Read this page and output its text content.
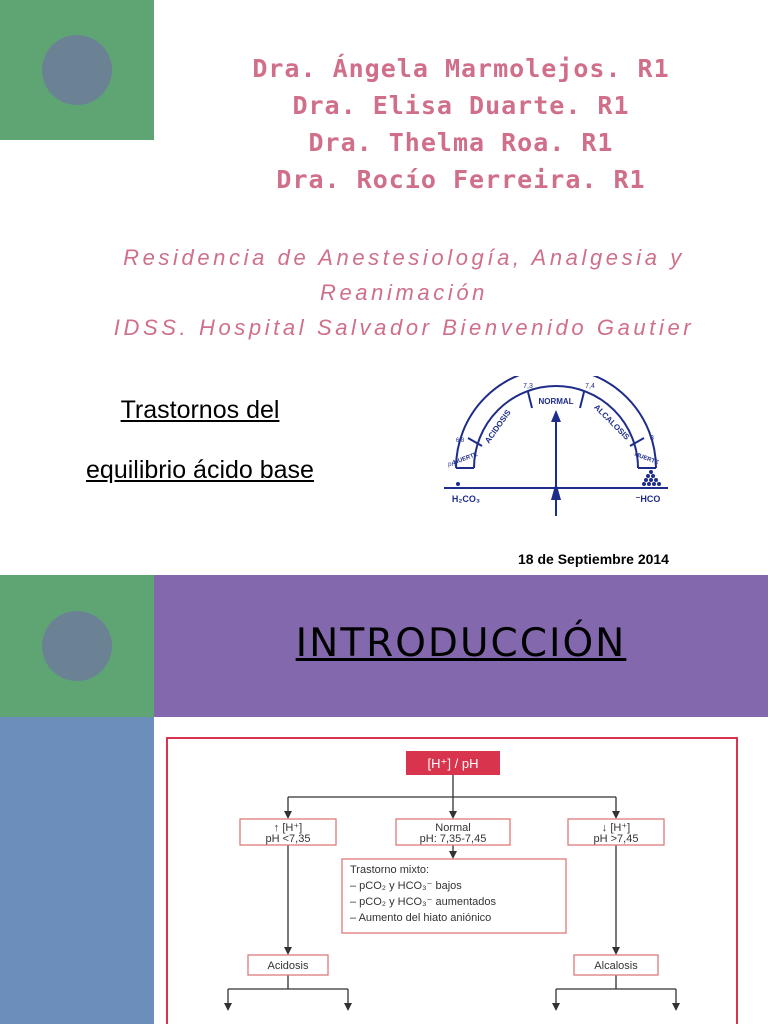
Dra. Ángela Marmolejos. R1
Dra. Elisa Duarte. R1
Dra. Thelma Roa. R1
Dra. Rocío Ferreira. R1
Residencia de Anestesiología, Analgesia y
Reanimación
IDSS. Hospital Salvador Bienvenido Gautier
Trastornos del
equilibrio ácido base
NORMAL
ACIDOSIS	ALCALOSIS
MUERTE	MUERTE
7,3	7,4
6,8	8
pH
H₂CO₃	⁻HCO
18 de Septiembre 2014
INTRODUCCIÓN
[H⁺] / pH
↑ [H⁺]
pH <7,35
Normal
pH: 7,35-7,45
↓ [H⁺]
pH >7,45
Trastorno mixto:
– pCO₂ y HCO₃⁻ bajos
– pCO₂ y HCO₃⁻ aumentados
– Aumento del hiato aniónico
Acidosis	Alcalosis
